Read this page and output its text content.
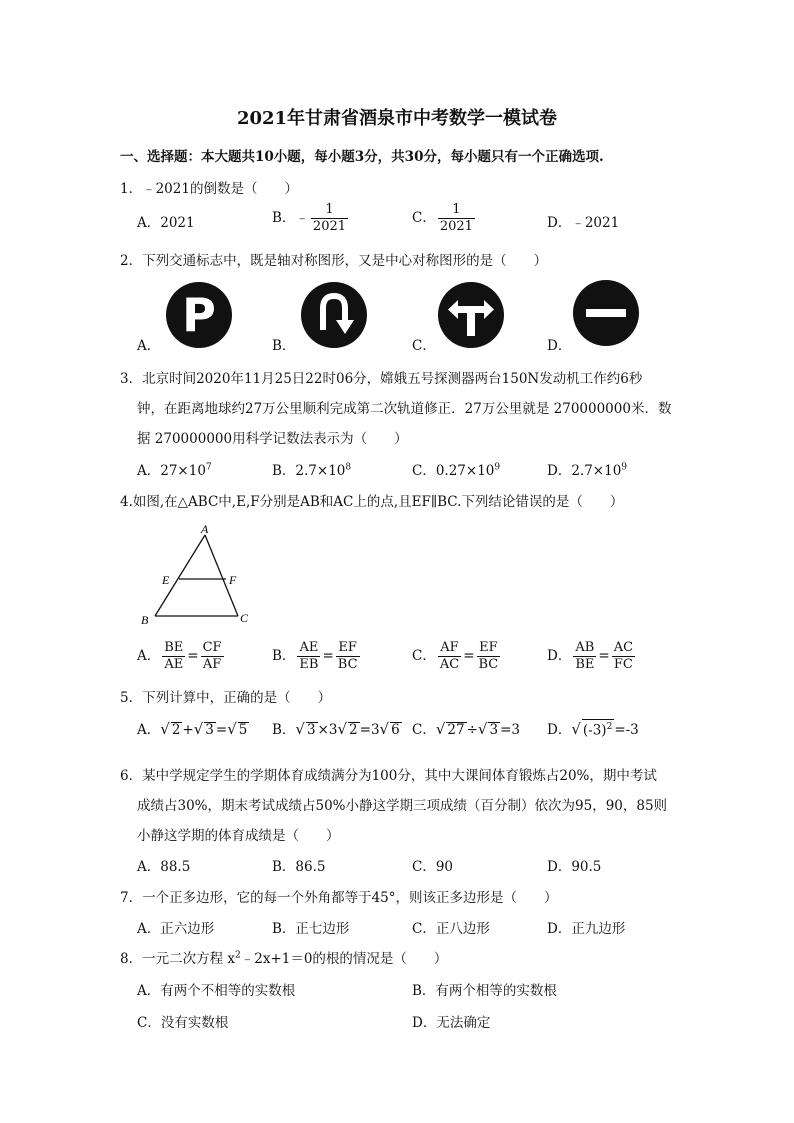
2021年甘肃省酒泉市中考数学一模试卷
一、选择题：本大题共10小题，每小题3分，共30分，每小题只有一个正确选项.
1．﹣2021的倒数是（　　）
A．2021	B．﹣ $\frac{1}{2021}$	C． $\frac{1}{2021}$	D．﹣2021
2．下列交通标志中，既是轴对称图形，又是中心对称图形的是（　　）
A．
P
B．	C．	D．
3．北京时间2020年11月25日22时06分，嫦娥五号探测器两台150N发动机工作约6秒
钟，在距离地球约27万公里顺利完成第二次轨道修正．27万公里就是 270000000米．数
据 270000000用科学记数法表示为（　　）
A．$27\times 10^7$	B．$2.7\times 10^8$	C．$0.27\times 10^9$	D．$2.7\times 10^9$
4.如图,在△ABC中,E,F分别是AB和AC上的点,且EF∥BC.下列结论错误的是（　　）
A
B	C
E	F
A． $\frac{BE}{AE} = \frac{CF}{AF}$	B． $\frac{AE}{EB} = \frac{EF}{BC}$	C． $\frac{AF}{AC} = \frac{EF}{BC}$	D． $\frac{AB}{BE} = \frac{AC}{FC}$
5．下列计算中，正确的是（　　）
A．√ 2 +√ 3 =√ 5 B．√ 3 ×3√ 2 =3√ 6 C．√ 27 ÷√ 3 =3 D．√ $(-3)^2 =-3$
6．某中学规定学生的学期体育成绩满分为100分，其中大课间体育锻炼占20%，期中考试
成绩占30%，期末考试成绩占50%小静这学期三项成绩（百分制）依次为95，90，85则
小静这学期的体育成绩是（　　）
A．88.5	B．86.5	C．90	D．90.5
7．一个正多边形，它的每一个外角都等于45°，则该正多边形是（　　）
A．正六边形	B．正七边形	C．正八边形	D．正九边形
8．一元二次方程 $x^2﹣2x+1=0$的根的情况是（　　）
A．有两个不相等的实数根	B．有两个相等的实数根
C．没有实数根	D．无法确定
